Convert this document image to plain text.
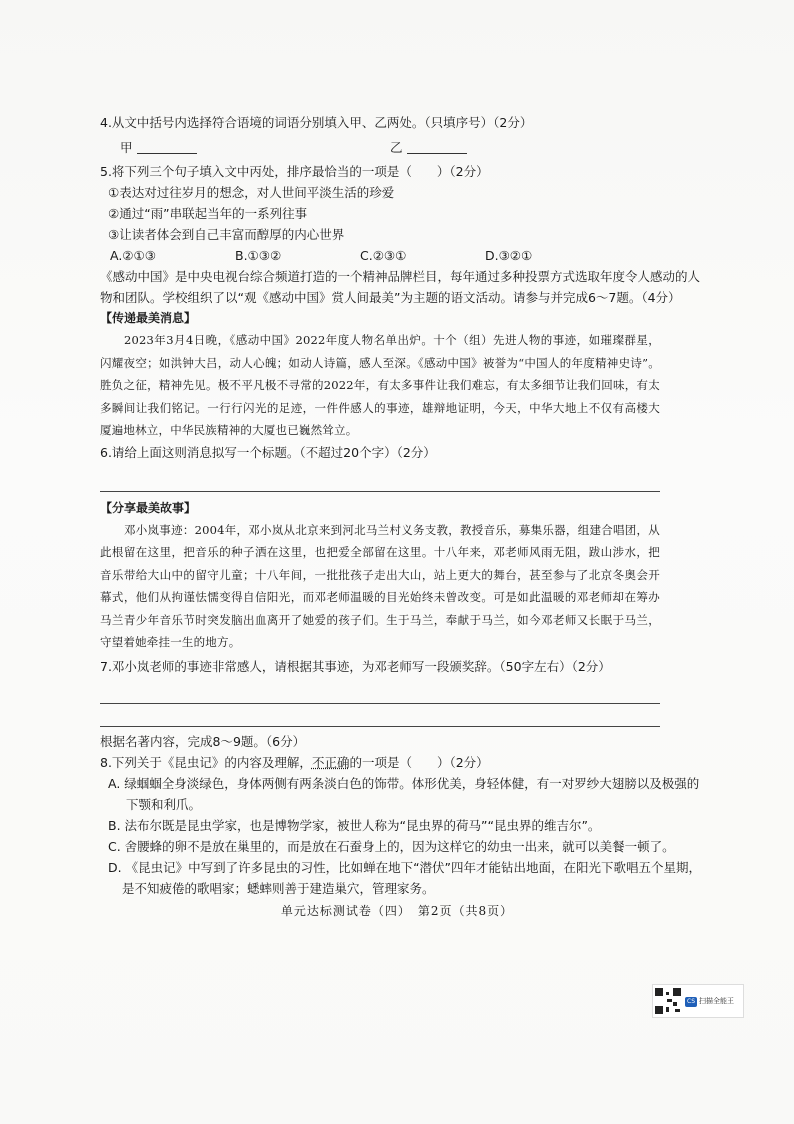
4.从文中括号内选择符合语境的词语分别填入甲、乙两处。（只填序号）（2分）
甲	乙
5.将下列三个句子填入文中丙处，排序最恰当的一项是（　　）（2分）
①表达对过往岁月的想念，对人世间平淡生活的珍爱
②通过“雨”串联起当年的一系列往事
③让读者体会到自己丰富而醇厚的内心世界
A.②①③	B.①③②	C.②③①	D.③②①
《感动中国》是中央电视台综合频道打造的一个精神品牌栏目，每年通过多种投票方式选取年度令人感动的人
物和团队。学校组织了以“观《感动中国》赏人间最美”为主题的语文活动。请参与并完成6～7题。（4分）
【传递最美消息】

2023年3月4日晚，《感动中国》2022年度人物名单出炉。十个（组）先进人物的事迹，如璀璨群星，闪耀夜空；如洪钟大吕，动人心魄；如动人诗篇，感人至深。《感动中国》被誉为“中国人的年度精神史诗”。胜负之征，精神先见。极不平凡极不寻常的2022年，有太多事件让我们难忘，有太多细节让我们回味，有太多瞬间让我们铭记。一行行闪光的足迹，一件件感人的事迹，雄辩地证明，今天，中华大地上不仅有高楼大厦遍地林立，中华民族精神的大厦也已巍然耸立。

6.请给上面这则消息拟写一个标题。（不超过20个字）（2分）
【分享最美故事】

邓小岚事迹：2004年，邓小岚从北京来到河北马兰村义务支教，教授音乐，募集乐器，组建合唱团，从此根留在这里，把音乐的种子洒在这里，也把爱全部留在这里。十八年来，邓老师风雨无阻，跋山涉水，把音乐带给大山中的留守儿童；十八年间，一批批孩子走出大山，站上更大的舞台，甚至参与了北京冬奥会开幕式，他们从拘谨怯懦变得自信阳光，而邓老师温暖的目光始终未曾改变。可是如此温暖的邓老师却在筹办马兰青少年音乐节时突发脑出血离开了她爱的孩子们。生于马兰，奉献于马兰，如今邓老师又长眠于马兰，守望着她牵挂一生的地方。

7.邓小岚老师的事迹非常感人，请根据其事迹，为邓老师写一段颁奖辞。（50字左右）（2分）
根据名著内容，完成8～9题。（6分）
8.下列关于《昆虫记》的内容及理解，不正确的一项是（　　）（2分）
A. 绿蝈蝈全身淡绿色，身体两侧有两条淡白色的饰带。体形优美，身轻体健，有一对罗纱大翅膀以及极强的
下颚和利爪。
B. 法布尔既是昆虫学家，也是博物学家，被世人称为“昆虫界的荷马”“昆虫界的维吉尔”。
C. 舍腰蜂的卵不是放在巢里的，而是放在石蚕身上的，因为这样它的幼虫一出来，就可以美餐一顿了。
D. 《昆虫记》中写到了许多昆虫的习性，比如蝉在地下“潜伏”四年才能钻出地面，在阳光下歌唱五个星期，
是不知疲倦的歌唱家；蟋蟀则善于建造巢穴，管理家务。
单元达标测试卷（四）　第2页（共8页）
CS 扫描全能王
